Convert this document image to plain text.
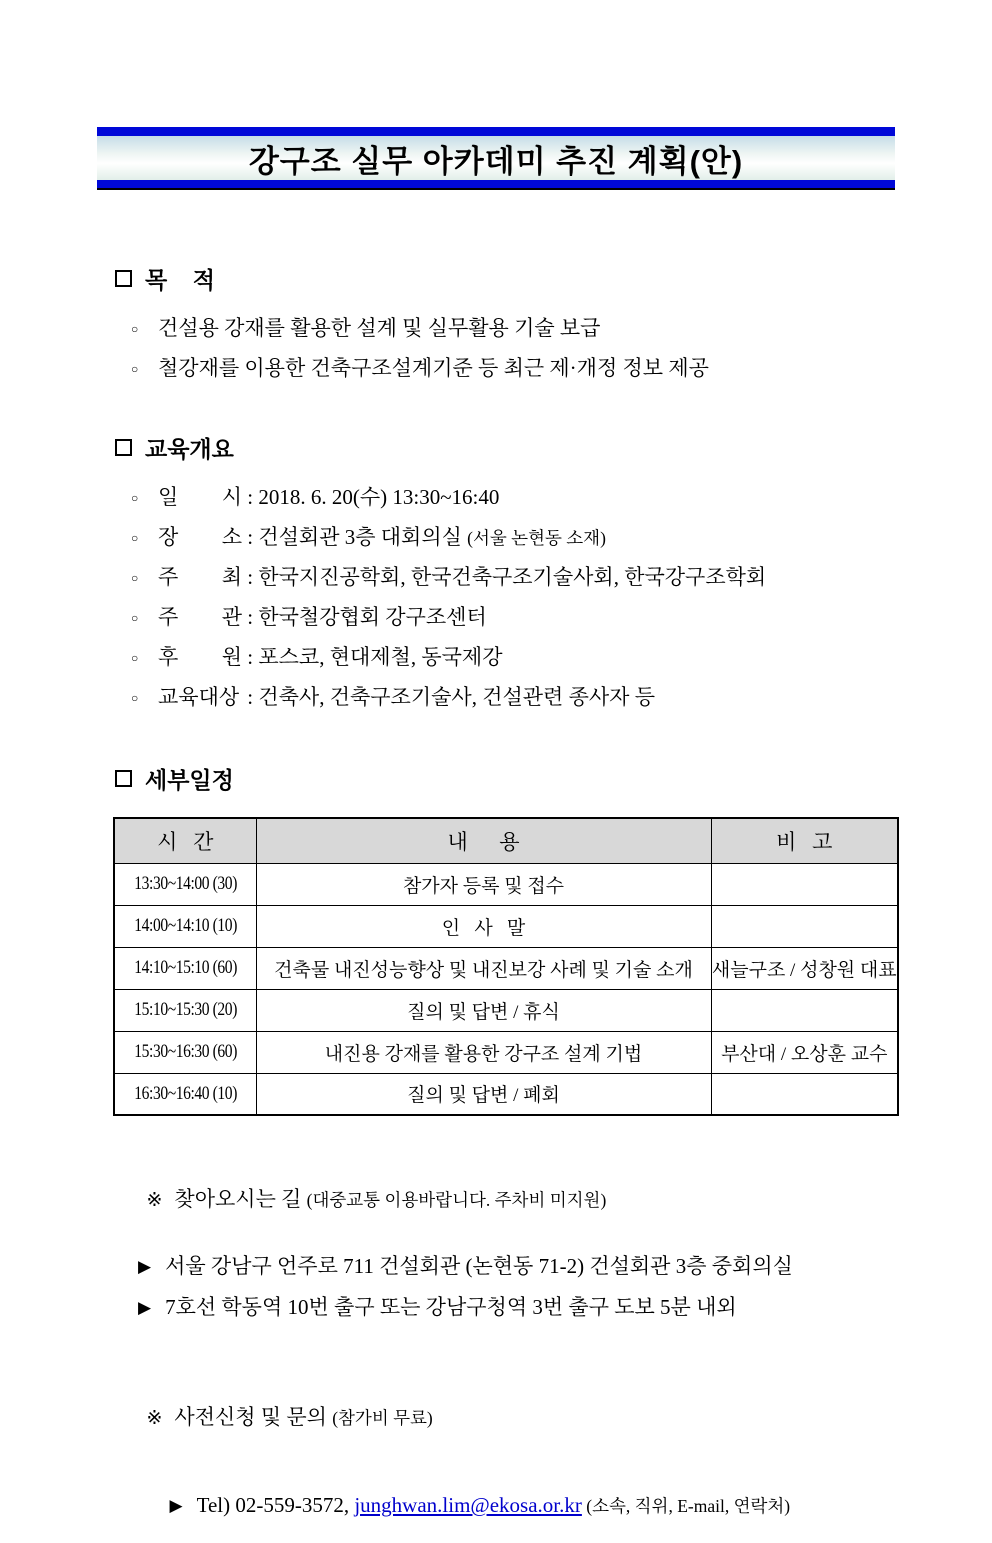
강구조 실무 아카데미 추진 계획(안)
목    적
○ 건설용 강재를 활용한 설계 및 실무활용 기술 보급
○ 철강재를 이용한 건축구조설계기준 등 최근 제·개정 정보 제공
교육개요
○ 일 시 : 2018. 6. 20(수) 13:30~16:40
○ 장 소 : 건설회관 3층 대회의실 (서울 논현동 소재)
○ 주 최 : 한국지진공학회, 한국건축구조기술사회, 한국강구조학회
○ 주 관 : 한국철강협회 강구조센터
○ 후 원 : 포스코, 현대제철, 동국제강
○ 교육대상 : 건축사, 건축구조기술사, 건설관련 종사자 등
세부일정
시   간	내      용	비   고
13:30~14:00 (30)	참가자 등록 및 접수	
14:00~14:10 (10)	인   사   말	
14:10~15:10 (60)	건축물 내진성능향상 및 내진보강 사례 및 기술 소개	새늘구조 / 성창원 대표
15:10~15:30 (20)	질의 및 답변 / 휴식	
15:30~16:30 (60)	내진용 강재를 활용한 강구조 설계 기법	부산대 / 오상훈 교수
16:30~16:40 (10)	질의 및 답변 / 폐회	

※ 찾아오시는 길 (대중교통 이용바랍니다. 주차비 미지원)

▶ 서울 강남구 언주로 711 건설회관 (논현동 71-2) 건설회관 3층 중회의실
▶ 7호선 학동역 10번 출구 또는 강남구청역 3번 출구 도보 5분 내외

※ 사전신청 및 문의 (참가비 무료)

▶ Tel) 02-559-3572, junghwan.lim@ekosa.or.kr (소속, 직위, E-mail, 연락처)
